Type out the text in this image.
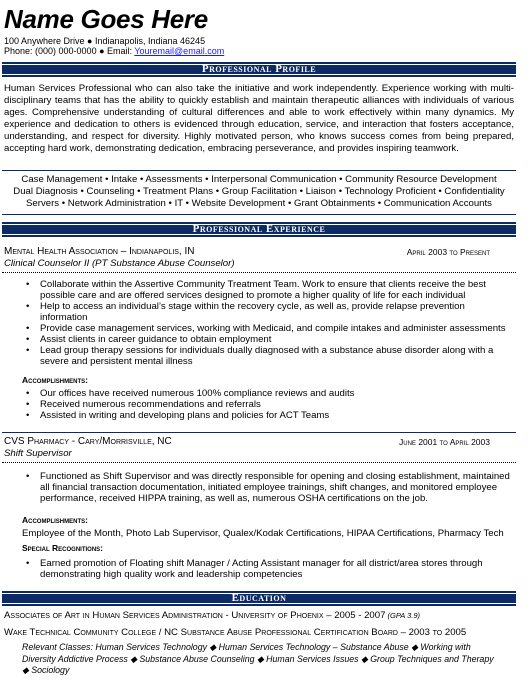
Name Goes Here
100 Anywhere Drive ● Indianapolis, Indiana 46245
Phone: (000) 000-0000 ● Email: Youremail@email.com
Professional Profile
Human Services Professional who can also take the initiative and work independently. Experience working with multi-disciplinary teams that has the ability to quickly establish and maintain therapeutic alliances with individuals of various ages. Comprehensive understanding of cultural differences and able to work effectively within many dynamics. My experience and dedication to others is evidenced through education, service, and interaction that fosters acceptance, understanding, and respect for diversity. Highly motivated person, who knows success comes from being prepared, accepting hard work, demonstrating dedication, embracing perseverance, and provides inspiring teamwork.
Case Management • Intake • Assessments • Interpersonal Communication • Community Resource Development
Dual Diagnosis • Counseling • Treatment Plans • Group Facilitation • Liaison • Technology Proficient • Confidentiality
Servers • Network Administration • IT • Website Development • Grant Obtainments • Communication Accounts
Professional Experience
Mental Health Association – Indianapolis, IN	April 2003 to Present
Clinical Counselor II (PT Substance Abuse Counselor)
• Collaborate within the Assertive Community Treatment Team. Work to ensure that clients receive the best possible care and are offered services designed to promote a higher quality of life for each individual
• Help to access an individual’s stage within the recovery cycle, as well as, provide relapse prevention information
• Provide case management services, working with Medicaid, and compile intakes and administer assessments
• Assist clients in career guidance to obtain employment
• Lead group therapy sessions for individuals dually diagnosed with a substance abuse disorder along with a severe and persistent mental illness
Accomplishments:
• Our offices have received numerous 100% compliance reviews and audits
• Received numerous recommendations and referrals
• Assisted in writing and developing plans and policies for ACT Teams
CVS Pharmacy - Cary/Morrisville, NC	June 2001 to April 2003
Shift Supervisor
• Functioned as Shift Supervisor and was directly responsible for opening and closing establishment, maintained all financial transaction documentation, initiated employee trainings, shift changes, and monitored employee performance, received HIPPA training, as well as, numerous OSHA certifications on the job.
Accomplishments:
Employee of the Month, Photo Lab Supervisor, Qualex/Kodak Certifications, HIPAA Certifications, Pharmacy Tech
Special Recognitions:
• Earned promotion of Floating shift Manager / Acting Assistant manager for all district/area stores through demonstrating high quality work and leadership competencies
Education
Associates of Art in Human Services Administration - University of Phoenix – 2005 - 2007 (GPA 3.9)
Wake Technical Community College / NC Substance Abuse Professional Certification Board – 2003 to 2005
Relevant Classes: Human Services Technology ◆ Human Services Technology – Substance Abuse ◆ Working with Diversity Addictive Process ◆ Substance Abuse Counseling ◆ Human Services Issues ◆ Group Techniques and Therapy ◆ Sociology
